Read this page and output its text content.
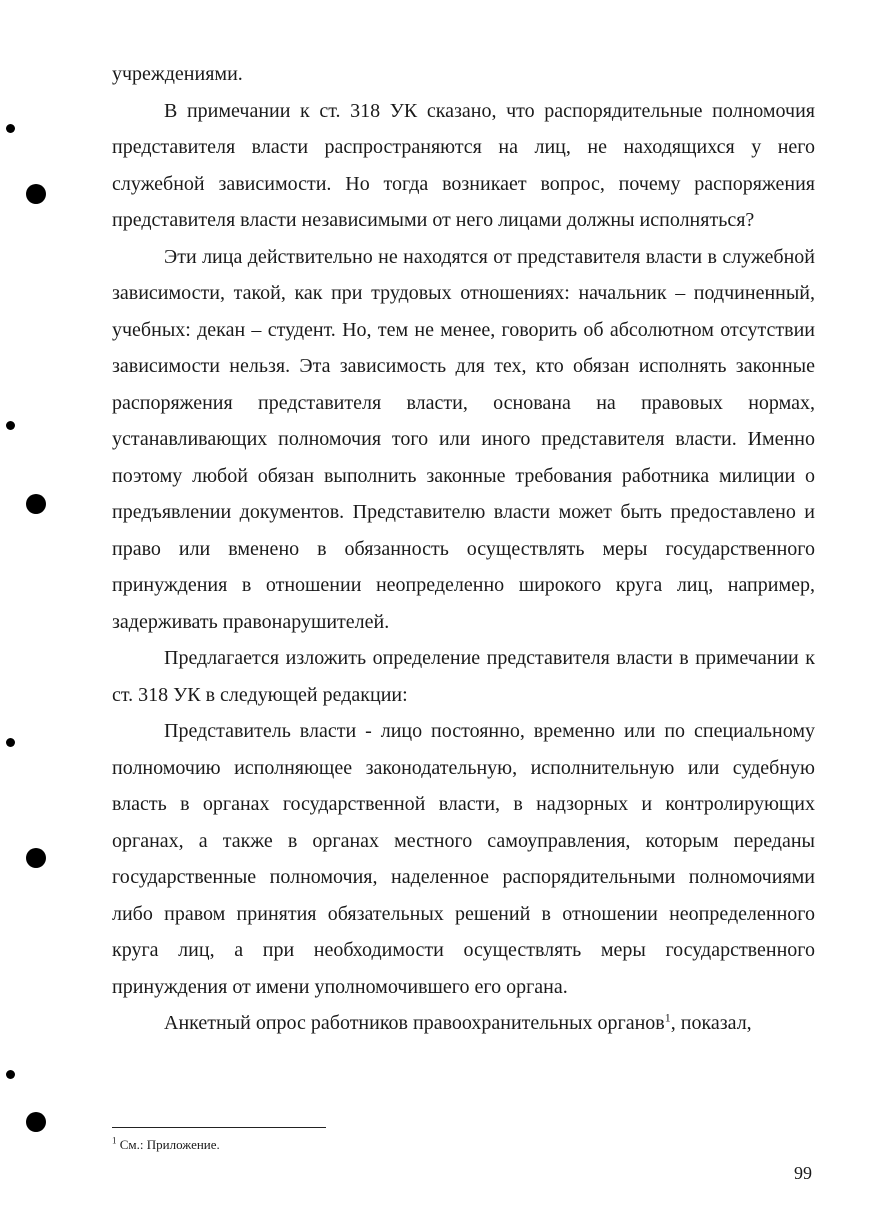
учреждениями.

В примечании к ст. 318 УК сказано, что распорядительные полномочия представителя власти распространяются на лиц, не находящихся у него служебной зависимости. Но тогда возникает вопрос, почему распоряжения представителя власти независимыми от него лицами должны исполняться?

Эти лица действительно не находятся от представителя власти в служебной зависимости, такой, как при трудовых отношениях: начальник – подчиненный, учебных: декан – студент. Но, тем не менее, говорить об абсолютном отсутствии зависимости нельзя. Эта зависимость для тех, кто обязан исполнять законные распоряжения представителя власти, основана на правовых нормах, устанавливающих полномочия того или иного представителя власти. Именно поэтому любой обязан выполнить законные требования работника милиции о предъявлении документов. Представителю власти может быть предоставлено и право или вменено в обязанность осуществлять меры государственного принуждения в отношении неопределенно широкого круга лиц, например, задерживать правонарушителей.

Предлагается изложить определение представителя власти в примечании к ст. 318 УК в следующей редакции:

Представитель власти - лицо постоянно, временно или по специальному полномочию исполняющее законодательную, исполнительную или судебную власть в органах государственной власти, в надзорных и контролирующих органах, а также в органах местного самоуправления, которым переданы государственные полномочия, наделенное распорядительными полномочиями либо правом принятия обязательных решений в отношении неопределенного круга лиц, а при необходимости осуществлять меры государственного принуждения от имени уполномочившего его органа.

Анкетный опрос работников правоохранительных органов$^1$, показал,

$^1$ См.: Приложение.
99
